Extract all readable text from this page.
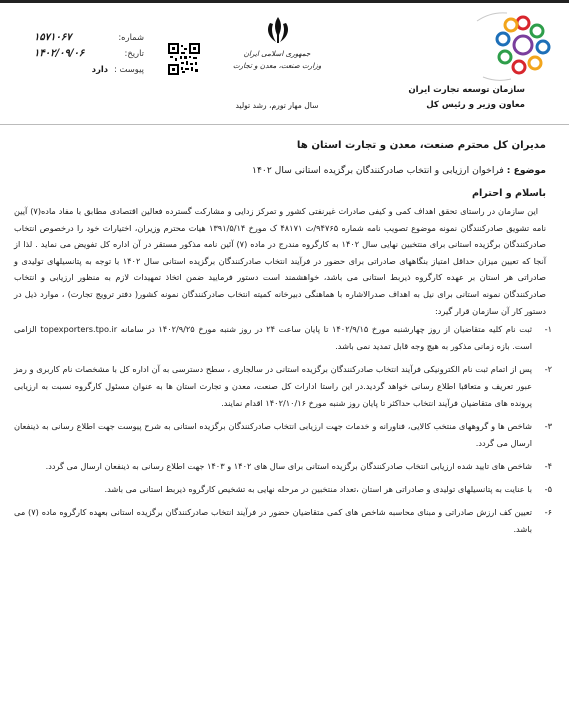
سازمان توسعه تجارت ایران
معاون وزیر و رئیس کل
جمهوری اسلامی ایران
وزارت صنعت، معدن و تجارت
سال مهار تورم، رشد تولید
شماره:
۱۵۷۱۰۶۷
تاریخ:
۱۴۰۲/۰۹/۰۶
پیوست :
دارد
مدیران کل محترم صنعت، معدن و تجارت استان ها
موضوع : فراخوان ارزیابی و انتخاب صادرکنندگان برگزیده استانی سال ۱۴۰۲
باسلام و احترام

این سازمان در راستای تحقق اهداف کمی و کیفی صادرات غیرنفتی کشور و تمرکز زدایی و مشارکت گسترده فعالین اقتصادی مطابق با مفاد ماده(۷) آیین نامه تشویق صادرکنندگان نمونه موضوع تصویب نامه شماره ۹۴۷۶۵/ت ۴۸۱۷۱ ک مورخ ۱۳۹۱/۵/۱۴ هیات محترم وزیران، اختیارات خود را درخصوص انتخاب صادرکنندگان برگزیده استانی برای منتخبین نهایی سال ۱۴۰۲ به کارگروه مندرج در ماده (۷) آئین نامه مذکور مستقر در آن اداره کل تفویض می نماید . لذا از آنجا که تعیین میزان حداقل امتیاز بنگاههای صادراتی برای حضور در فرآیند انتخاب صادرکنندگان برگزیده استانی سال ۱۴۰۲ با توجه به پتانسیلهای تولیدی و صادراتی هر استان بر عهده کارگروه ذیربط استانی می باشد، خواهشمند است دستور فرمایید ضمن اتخاذ تمهیدات لازم به منظور ارزیابی و انتخاب صادرکنندگان نمونه استانی برای نیل به اهداف صدرالاشاره با هماهنگی دبیرخانه کمیته انتخاب صادرکنندگان نمونه کشور( دفتر ترویج تجارت) ، موارد ذیل در دستور کار آن سازمان قرار گیرد:

۱-
ثبت نام کلیه متقاضیان از روز چهارشنبه مورخ ۱۴۰۲/۹/۱۵ تا پایان ساعت ۲۴ در روز شنبه مورخ ۱۴۰۲/۹/۲۵ در سامانه topexporters.tpo.ir الزامی است. بازه زمانی مذکور به هیچ وجه قابل تمدید نمی باشد.
۲-
پس از اتمام ثبت نام الکترونیکی فرآیند انتخاب صادرکنندگان برگزیده استانی در سالجاری ، سطح دسترسی به آن اداره کل با مشخصات نام کاربری و رمز عبور تعریف و متعاقبا اطلاع رسانی خواهد گردید.در این راستا ادارات کل صنعت، معدن و تجارت استان ها به عنوان مسئول کارگروه نسبت به ارزیابی پرونده های متقاضیان فرآیند انتخاب حداکثر تا پایان روز شنبه مورخ ۱۴۰۲/۱۰/۱۶ اقدام نمایند.
۳-
شاخص ها و گروههای منتخب کالایی، فناورانه و خدمات جهت ارزیابی انتخاب صادرکنندگان برگزیده استانی به شرح پیوست جهت اطلاع رسانی به ذینفعان ارسال می گردد.
۴-
شاخص های تایید شده ارزیابی انتخاب صادرکنندگان برگزیده استانی برای سال های ۱۴۰۲ و ۱۴۰۳ جهت اطلاع رسانی به ذینفعان ارسال می گردد.
۵-
با عنایت به پتانسیلهای تولیدی و صادراتی هر استان ،تعداد منتخبین در مرحله نهایی به تشخیص کارگروه ذیربط استانی می باشد.
۶-
تعیین کف ارزش صادراتی و مبنای محاسبه شاخص های کمی متقاضیان حضور در فرآیند انتخاب صادرکنندگان برگزیده استانی بعهده کارگروه ماده (۷) می باشد.
